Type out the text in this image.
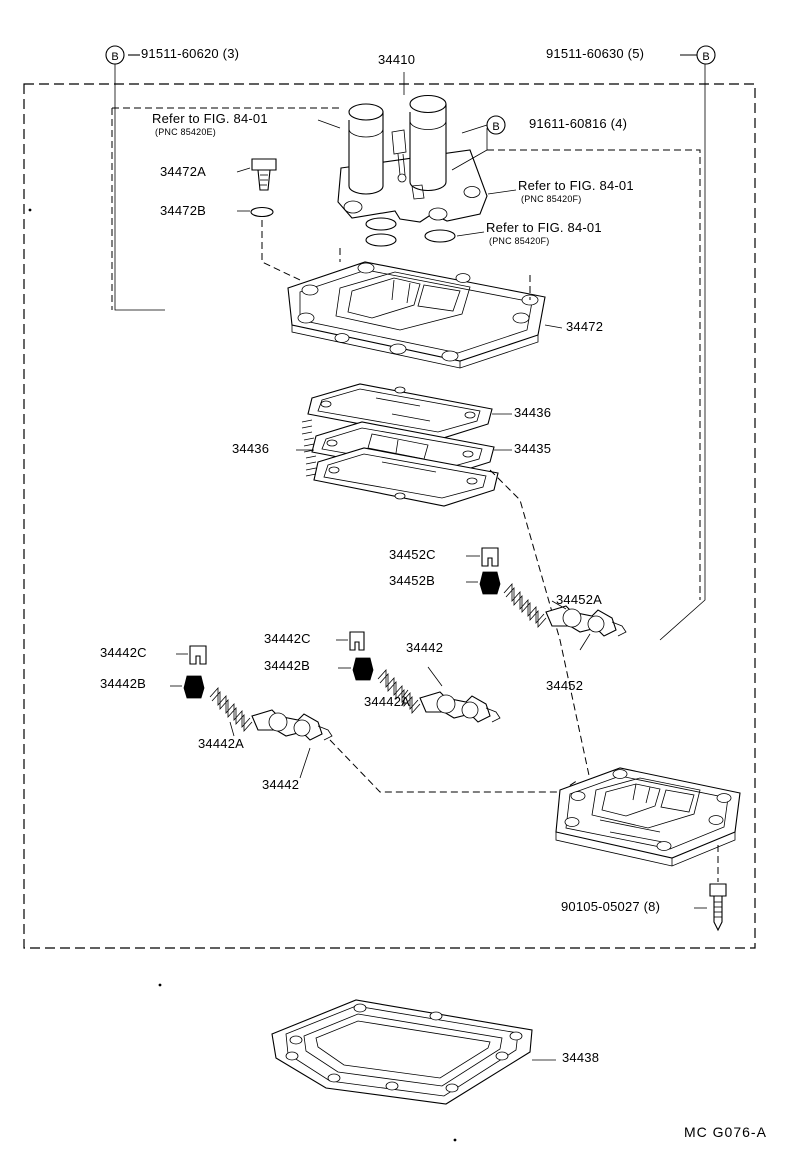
B	B
B
91511-60620 (3)	91511-60630 (5)
91611-60816 (4)
90105-05027 (8)
34410
Refer to FIG. 84-01
(PNC 85420E)
Refer to FIG. 84-01
(PNC 85420F)
Refer to FIG. 84-01
(PNC 85420F)
34472A
34472B
34472
34436
34436	34435
34452C
34452B
34452A
34452
34442C
34442B
34442
34442A
34442C
34442B
34442A
34442
34438
MC G076-A
